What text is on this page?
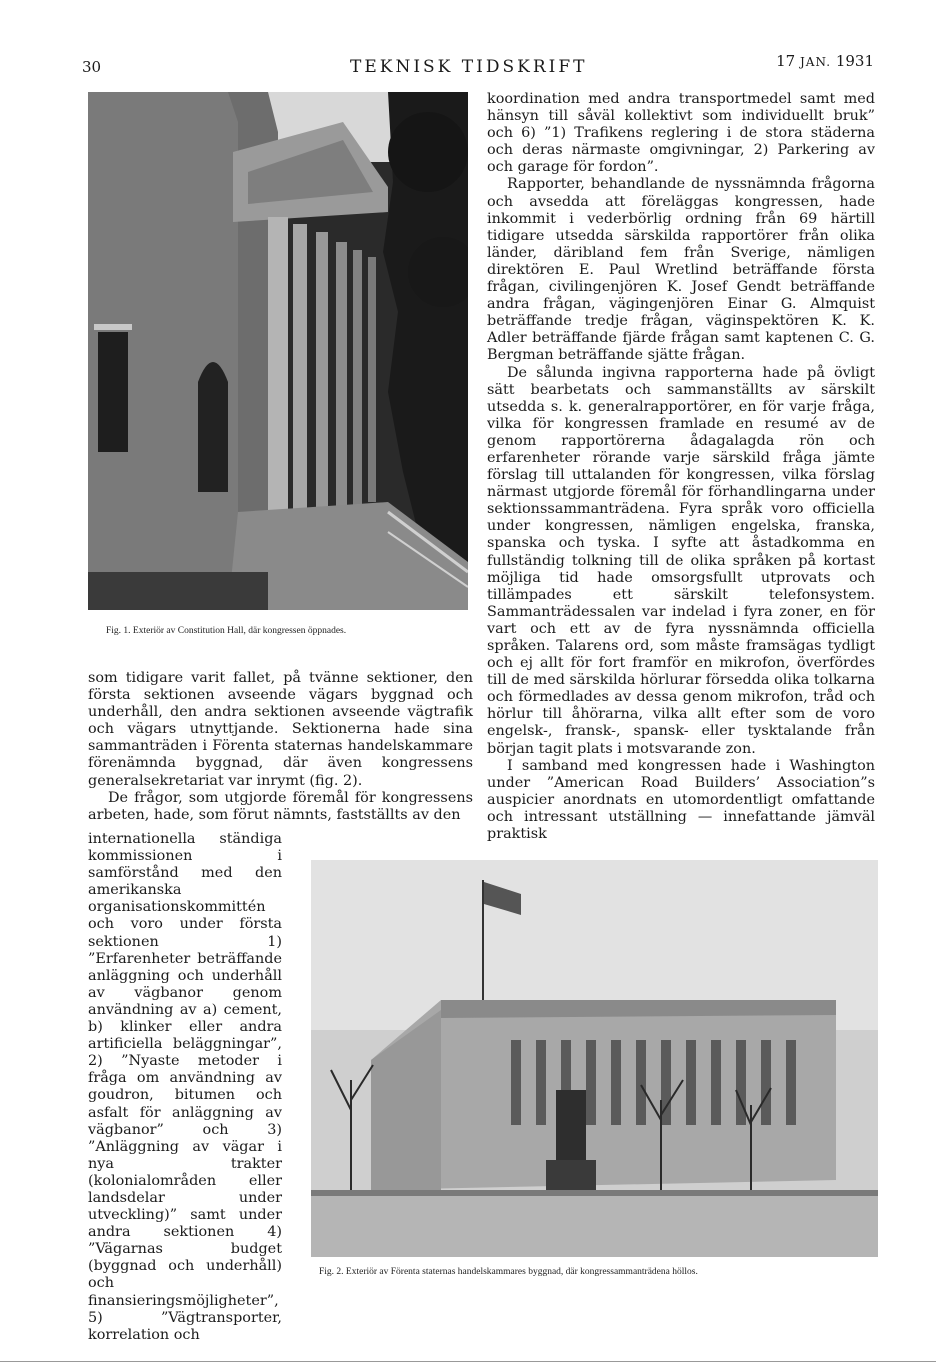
30	TEKNISK TIDSKRIFT	17 JAN. 1931
Fig. 1. Exteriör av Constitution Hall, där kongressen öppnades.

koordination med andra transportmedel samt med hänsyn till såväl kollektivt som individuellt bruk” och 6) ”1) Trafikens reglering i de stora städerna och deras närmaste omgivningar, 2) Parkering av och garage för fordon”.

Rapporter, behandlande de nyssnämnda frågorna och avsedda att föreläggas kongressen, hade inkommit i vederbörlig ordning från 69 härtill tidigare utsedda särskilda rapportörer från olika länder, däribland fem från Sverige, nämligen direktören E. Paul Wretlind beträffande första frågan, civilingenjören K. Josef Gendt beträffande andra frågan, vägingenjören Einar G. Almquist beträffande tredje frågan, väginspektören K. K. Adler beträffande fjärde frågan samt kaptenen C. G. Bergman beträffande sjätte frågan.

De sålunda ingivna rapporterna hade på övligt sätt bearbetats och sammanställts av särskilt utsedda s. k. generalrapportörer, en för varje fråga, vilka för kongressen framlade en resumé av de genom rapportörerna ådagalagda rön och erfarenheter rörande varje särskild fråga jämte förslag till uttalanden för kongressen, vilka förslag närmast utgjorde föremål för förhandlingarna under sektionssammanträdena. Fyra språk voro officiella under kongressen, nämligen engelska, franska, spanska och tyska. I syfte att åstadkomma en fullständig tolkning till de olika språken på kortast möjliga tid hade omsorgsfullt utprovats och tillämpades ett särskilt telefonsystem. Sammanträdessalen var indelad i fyra zoner, en för vart och ett av de fyra nyssnämnda officiella språken. Talarens ord, som måste framsägas tydligt och ej allt för fort framför en mikrofon, överfördes till de med särskilda hörlurar försedda olika tolkarna och förmedlades av dessa genom mikrofon, tråd och hörlur till åhörarna, vilka allt efter som de voro engelsk-, fransk-, spansk- eller tysktalande från början tagit plats i motsvarande zon.

I samband med kongressen hade i Washington under ”American Road Builders’ Association”s auspicier anordnats en utomordentligt omfattande och intressant utställning — innefattande jämväl praktisk

som tidigare varit fallet, på tvänne sektioner, den första sektionen avseende vägars byggnad och underhåll, den andra sektionen avseende vägtrafik och vägars utnyttjande. Sektionerna hade sina sammanträden i Förenta staternas handelskammare förenämnda byggnad, där även kongressens generalsekretariat var inrymt (fig. 2).

De frågor, som utgjorde föremål för kongressens arbeten, hade, som förut nämnts, fastställts av den

internationella ständiga kommissionen i samförstånd med den amerikanska organisationskommittén och voro under första sektionen 1) ”Erfarenheter beträffande anläggning och underhåll av vägbanor genom användning av a) cement, b) klinker eller andra artificiella beläggningar”, 2) ”Nyaste metoder i fråga om användning av goudron, bitumen och asfalt för anläggning av vägbanor” och 3) ”Anläggning av vägar i nya trakter (kolonialområden eller landsdelar under utveckling)” samt under andra sektionen 4) ”Vägarnas budget (byggnad och underhåll) och finansieringsmöjligheter”, 5) ”Vägtransporter, korrelation och

Fig. 2. Exteriör av Förenta staternas handelskammares byggnad, där kongressammanträdena höllos.
